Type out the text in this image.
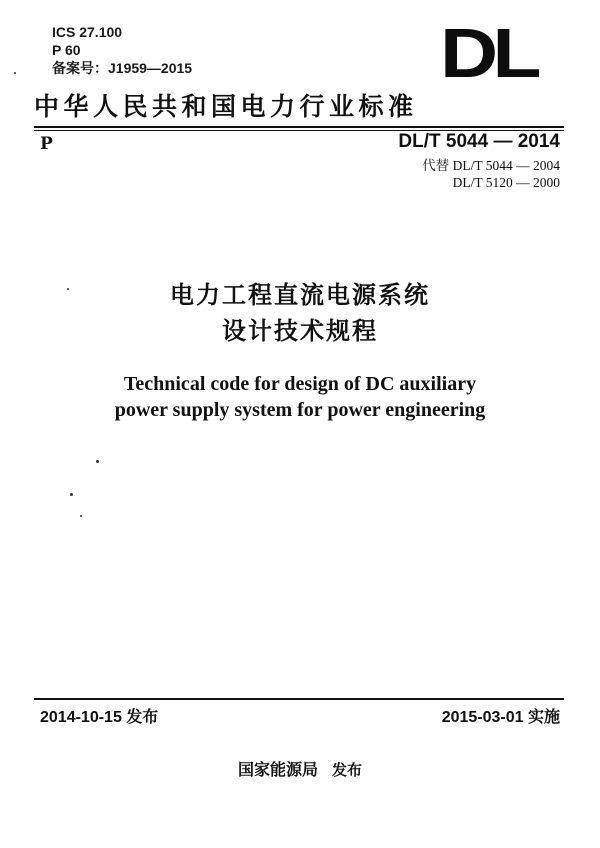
ICS 27.100
P 60
备案号：J1959—2015	DL
中华人民共和国电力行业标准
P	DL/T 5044 — 2014
代替 DL/T 5044 — 2004
DL/T 5120 — 2000
电力工程直流电源系统
设计技术规程
Technical code for design of DC auxiliary
power supply system for power engineering
2014-10-15 发布	2015-03-01 实施
国家能源局 发布
